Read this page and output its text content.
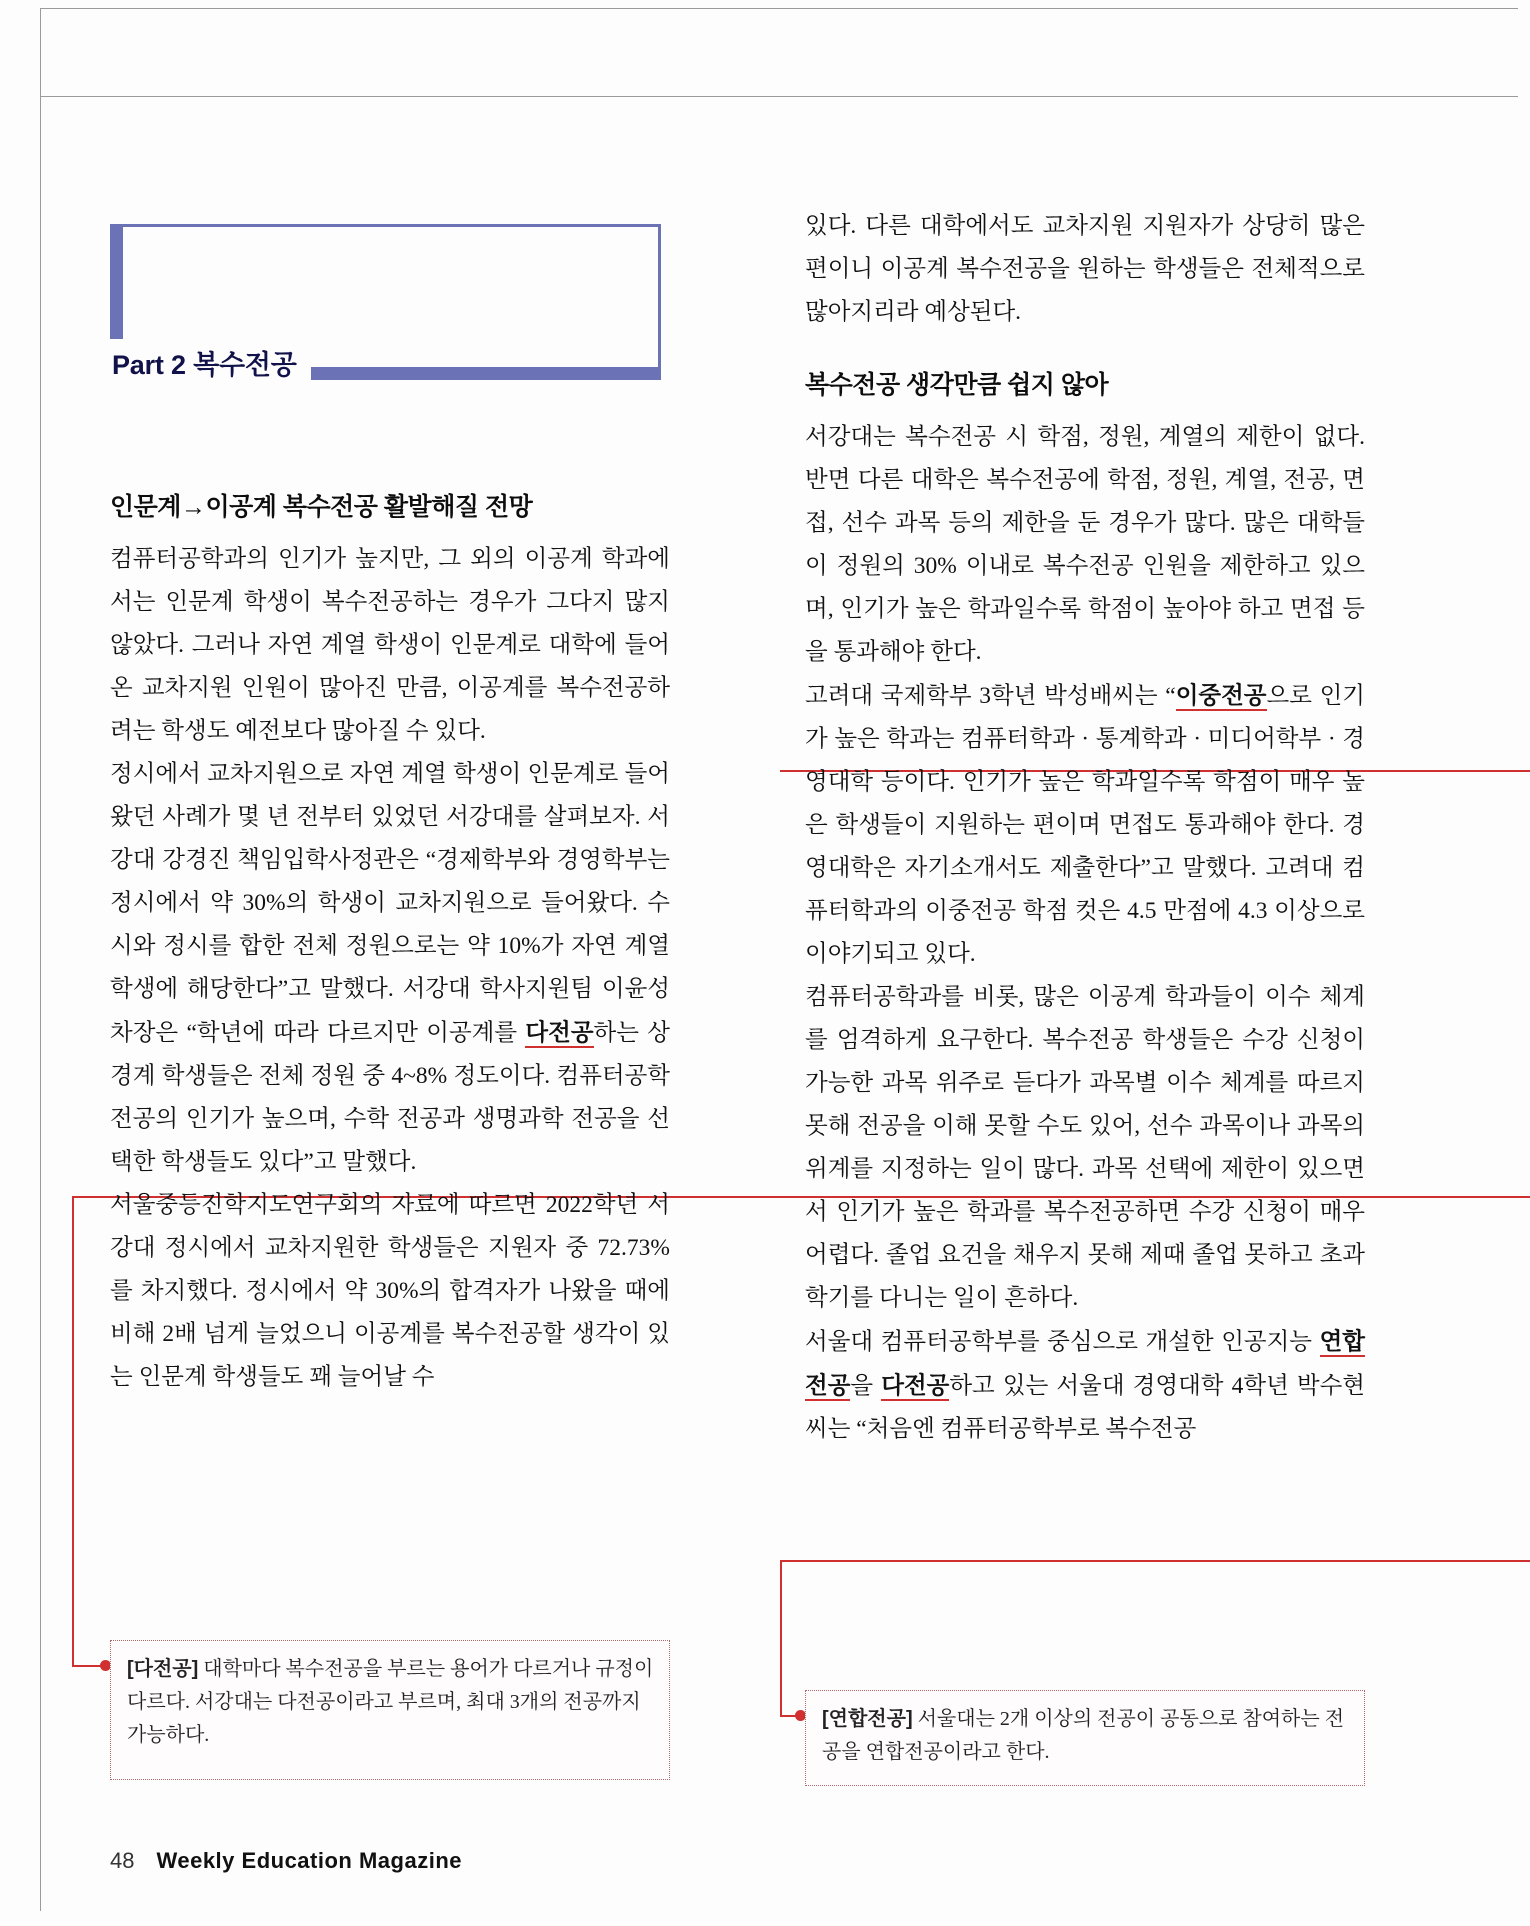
Part 2 복수전공
인문계→이공계 복수전공 활발해질 전망

컴퓨터공학과의 인기가 높지만, 그 외의 이공계 학과에서는 인문계 학생이 복수전공하는 경우가 그다지 많지 않았다. 그러나 자연 계열 학생이 인문계로 대학에 들어온 교차지원 인원이 많아진 만큼, 이공계를 복수전공하려는 학생도 예전보다 많아질 수 있다.

정시에서 교차지원으로 자연 계열 학생이 인문계로 들어왔던 사례가 몇 년 전부터 있었던 서강대를 살펴보자. 서강대 강경진 책임입학사정관은 “경제학부와 경영학부는 정시에서 약 30%의 학생이 교차지원으로 들어왔다. 수시와 정시를 합한 전체 정원으로는 약 10%가 자연 계열 학생에 해당한다”고 말했다. 서강대 학사지원팀 이윤성 차장은 “학년에 따라 다르지만 이공계를 다전공하는 상경계 학생들은 전체 정원 중 4~8% 정도이다. 컴퓨터공학 전공의 인기가 높으며, 수학 전공과 생명과학 전공을 선택한 학생들도 있다”고 말했다.

서울중등진학지도연구회의 자료에 따르면 2022학년 서강대 정시에서 교차지원한 학생들은 지원자 중 72.73%를 차지했다. 정시에서 약 30%의 합격자가 나왔을 때에 비해 2배 넘게 늘었으니 이공계를 복수전공할 생각이 있는 인문계 학생들도 꽤 늘어날 수

있다. 다른 대학에서도 교차지원 지원자가 상당히 많은 편이니 이공계 복수전공을 원하는 학생들은 전체적으로 많아지리라 예상된다.

복수전공 생각만큼 쉽지 않아

서강대는 복수전공 시 학점, 정원, 계열의 제한이 없다. 반면 다른 대학은 복수전공에 학점, 정원, 계열, 전공, 면접, 선수 과목 등의 제한을 둔 경우가 많다. 많은 대학들이 정원의 30% 이내로 복수전공 인원을 제한하고 있으며, 인기가 높은 학과일수록 학점이 높아야 하고 면접 등을 통과해야 한다.

고려대 국제학부 3학년 박성배씨는 “이중전공으로 인기가 높은 학과는 컴퓨터학과 · 통계학과 · 미디어학부 · 경영대학 등이다. 인기가 높은 학과일수록 학점이 매우 높은 학생들이 지원하는 편이며 면접도 통과해야 한다. 경영대학은 자기소개서도 제출한다”고 말했다. 고려대 컴퓨터학과의 이중전공 학점 컷은 4.5 만점에 4.3 이상으로 이야기되고 있다.

컴퓨터공학과를 비롯, 많은 이공계 학과들이 이수 체계를 엄격하게 요구한다. 복수전공 학생들은 수강 신청이 가능한 과목 위주로 듣다가 과목별 이수 체계를 따르지 못해 전공을 이해 못할 수도 있어, 선수 과목이나 과목의 위계를 지정하는 일이 많다. 과목 선택에 제한이 있으면서 인기가 높은 학과를 복수전공하면 수강 신청이 매우 어렵다. 졸업 요건을 채우지 못해 제때 졸업 못하고 초과 학기를 다니는 일이 흔하다.

서울대 컴퓨터공학부를 중심으로 개설한 인공지능 연합전공을 다전공하고 있는 서울대 경영대학 4학년 박수현씨는 “처음엔 컴퓨터공학부로 복수전공

[다전공] 대학마다 복수전공을 부르는 용어가 다르거나 규정이 다르다. 서강대는 다전공이라고 부르며, 최대 3개의 전공까지 가능하다.
[연합전공] 서울대는 2개 이상의 전공이 공동으로 참여하는 전공을 연합전공이라고 한다.
48 Weekly Education Magazine
